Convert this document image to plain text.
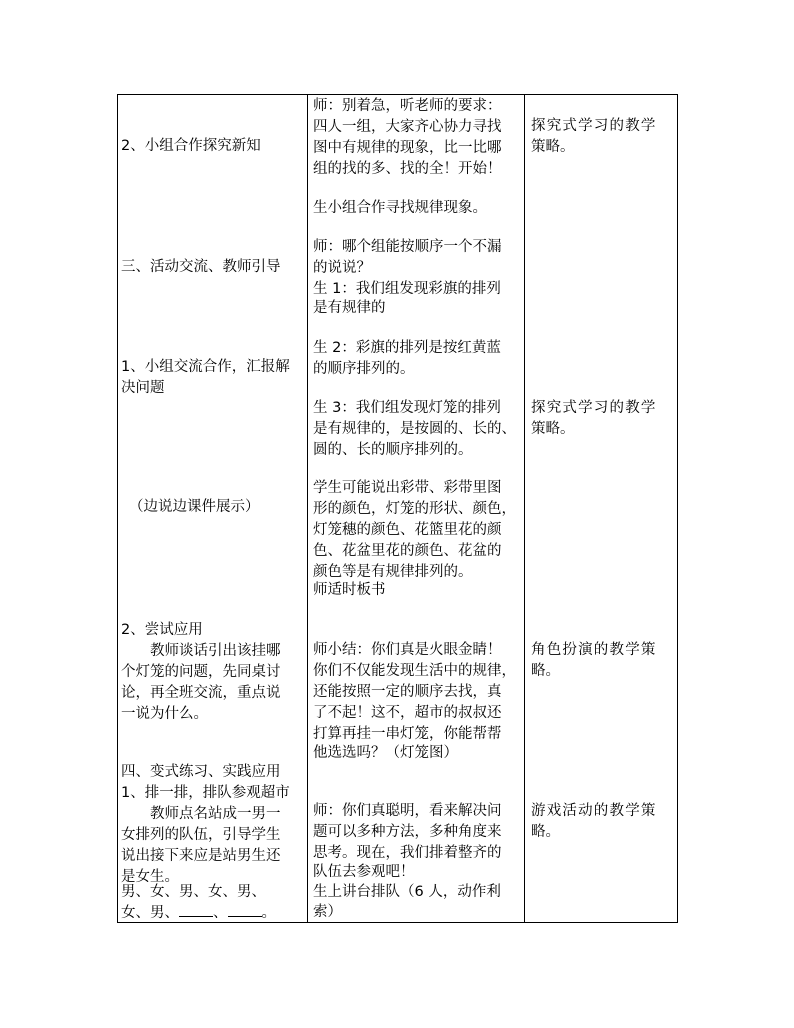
2、小组合作探究新知
三、活动交流、教师引导
1、小组交流合作，汇报解
决问题
（边说边课件展示）
2、尝试应用
　　教师谈话引出该挂哪
个灯笼的问题，先同桌讨
论，再全班交流，重点说
一说为什么。
四、变式练习、实践应用
1、排一排，排队参观超市
　　教师点名站成一男一
女排列的队伍，引导学生
说出接下来应是站男生还
是女生。
男、女、男、女、男、
女、男、 、 。
师：别着急，听老师的要求：
四人一组，大家齐心协力寻找
图中有规律的现象，比一比哪
组的找的多、找的全！开始！
生小组合作寻找规律现象。
师：哪个组能按顺序一个不漏
的说说？
生 1：我们组发现彩旗的排列
是有规律的
生 2：彩旗的排列是按红黄蓝
的顺序排列的。
生 3：我们组发现灯笼的排列
是有规律的，是按圆的、长的、
圆的、长的顺序排列的。
学生可能说出彩带、彩带里图
形的颜色，灯笼的形状、颜色，
灯笼穗的颜色、花篮里花的颜
色、花盆里花的颜色、花盆的
颜色等是有规律排列的。
师适时板书
师小结：你们真是火眼金睛！
你们不仅能发现生活中的规律，
还能按照一定的顺序去找，真
了不起！这不，超市的叔叔还
打算再挂一串灯笼，你能帮帮
他选选吗？（灯笼图）
师：你们真聪明，看来解决问
题可以多种方法，多种角度来
思考。现在，我们排着整齐的
队伍去参观吧！
生上讲台排队（6 人，动作利
索）
探究式学习的教学
策略。
探究式学习的教学
策略。
角色扮演的教学策
略。
游戏活动的教学策
略。
